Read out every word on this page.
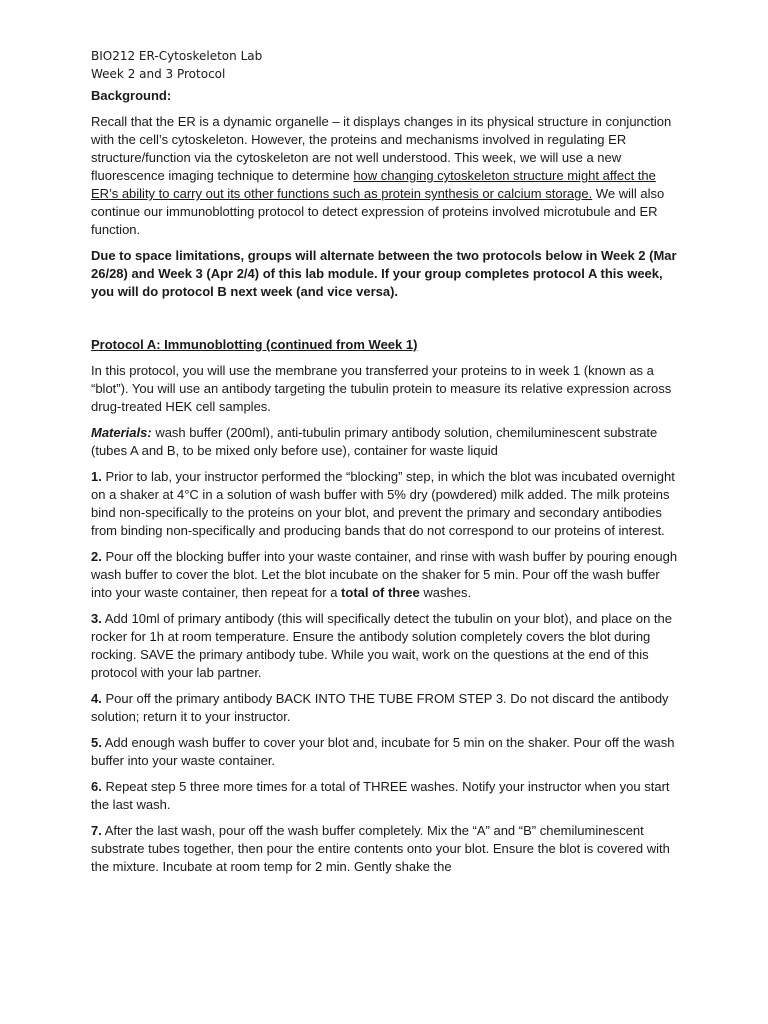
BIO212 ER-Cytoskeleton Lab

Week 2 and 3 Protocol

Background:

Recall that the ER is a dynamic organelle – it displays changes in its physical structure in conjunction with the cell’s cytoskeleton. However, the proteins and mechanisms involved in regulating ER structure/function via the cytoskeleton are not well understood. This week, we will use a new fluorescence imaging technique to determine how changing cytoskeleton structure might affect the ER’s ability to carry out its other functions such as protein synthesis or calcium storage. We will also continue our immunoblotting protocol to detect expression of proteins involved microtubule and ER function.

Due to space limitations, groups will alternate between the two protocols below in Week 2 (Mar 26/28) and Week 3 (Apr 2/4) of this lab module. If your group completes protocol A this week, you will do protocol B next week (and vice versa).

Protocol A: Immunoblotting (continued from Week 1)

In this protocol, you will use the membrane you transferred your proteins to in week 1 (known as a “blot”). You will use an antibody targeting the tubulin protein to measure its relative expression across drug-treated HEK cell samples.

Materials: wash buffer (200ml), anti-tubulin primary antibody solution, chemiluminescent substrate (tubes A and B, to be mixed only before use), container for waste liquid

1. Prior to lab, your instructor performed the “blocking” step, in which the blot was incubated overnight on a shaker at 4°C in a solution of wash buffer with 5% dry (powdered) milk added. The milk proteins bind non-specifically to the proteins on your blot, and prevent the primary and secondary antibodies from binding non-specifically and producing bands that do not correspond to our proteins of interest.

2. Pour off the blocking buffer into your waste container, and rinse with wash buffer by pouring enough wash buffer to cover the blot. Let the blot incubate on the shaker for 5 min. Pour off the wash buffer into your waste container, then repeat for a total of three washes.

3. Add 10ml of primary antibody (this will specifically detect the tubulin on your blot), and place on the rocker for 1h at room temperature. Ensure the antibody solution completely covers the blot during rocking. SAVE the primary antibody tube. While you wait, work on the questions at the end of this protocol with your lab partner.

4. Pour off the primary antibody BACK INTO THE TUBE FROM STEP 3. Do not discard the antibody solution; return it to your instructor.

5. Add enough wash buffer to cover your blot and, incubate for 5 min on the shaker. Pour off the wash buffer into your waste container.

6. Repeat step 5 three more times for a total of THREE washes. Notify your instructor when you start the last wash.

7. After the last wash, pour off the wash buffer completely. Mix the “A” and “B” chemiluminescent substrate tubes together, then pour the entire contents onto your blot. Ensure the blot is covered with the mixture. Incubate at room temp for 2 min. Gently shake the
